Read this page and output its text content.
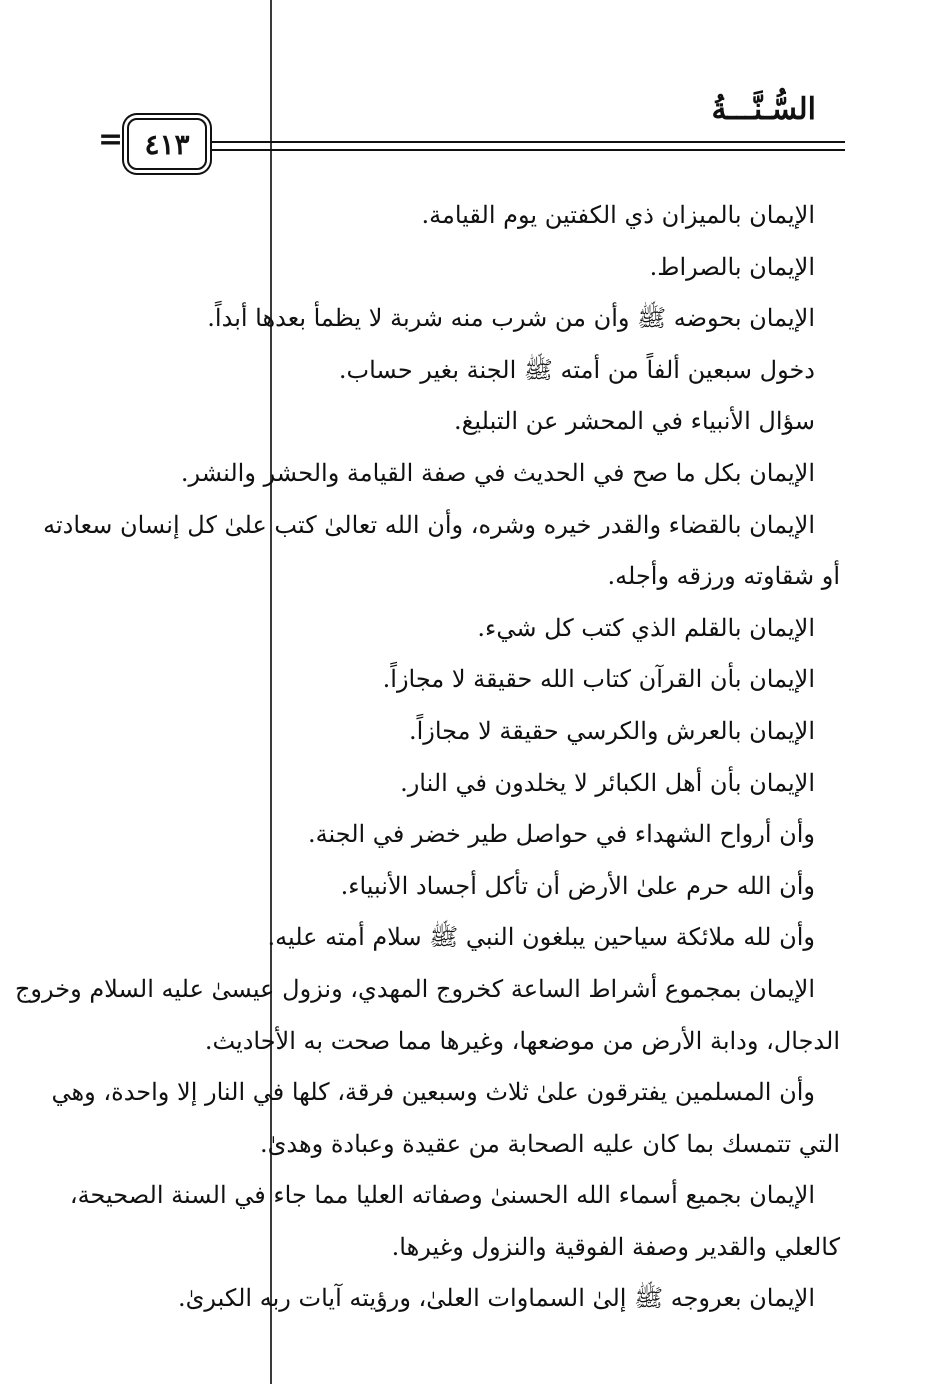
السُّـنَّـــةُ
٤١٣
=
الإيمان بالميزان ذي الكفتين يوم القيامة.
الإيمان بالصراط.
الإيمان بحوضه ﷺ وأن من شرب منه شربة لا يظمأ بعدها أبداً.
دخول سبعين ألفاً من أمته ﷺ الجنة بغير حساب.
سؤال الأنبياء في المحشر عن التبليغ.
الإيمان بكل ما صح في الحديث في صفة القيامة والحشر والنشر.
الإيمان بالقضاء والقدر خيره وشره، وأن الله تعالىٰ كتب علىٰ كل إنسان سعادته
أو شقاوته ورزقه وأجله.
الإيمان بالقلم الذي كتب كل شيء.
الإيمان بأن القرآن كتاب الله حقيقة لا مجازاً.
الإيمان بالعرش والكرسي حقيقة لا مجازاً.
الإيمان بأن أهل الكبائر لا يخلدون في النار.
وأن أرواح الشهداء في حواصل طير خضر في الجنة.
وأن الله حرم علىٰ الأرض أن تأكل أجساد الأنبياء.
وأن لله ملائكة سياحين يبلغون النبي ﷺ سلام أمته عليه.
الإيمان بمجموع أشراط الساعة كخروج المهدي، ونزول عيسىٰ عليه السلام وخروج
الدجال، ودابة الأرض من موضعها، وغيرها مما صحت به الأحاديث.
وأن المسلمين يفترقون علىٰ ثلاث وسبعين فرقة، كلها في النار إلا واحدة، وهي
التي تتمسك بما كان عليه الصحابة من عقيدة وعبادة وهدىٰ.
الإيمان بجميع أسماء الله الحسنىٰ وصفاته العليا مما جاء في السنة الصحيحة،
كالعلي والقدير وصفة الفوقية والنزول وغيرها.
الإيمان بعروجه ﷺ إلىٰ السماوات العلىٰ، ورؤيته آيات ربه الكبرىٰ.
